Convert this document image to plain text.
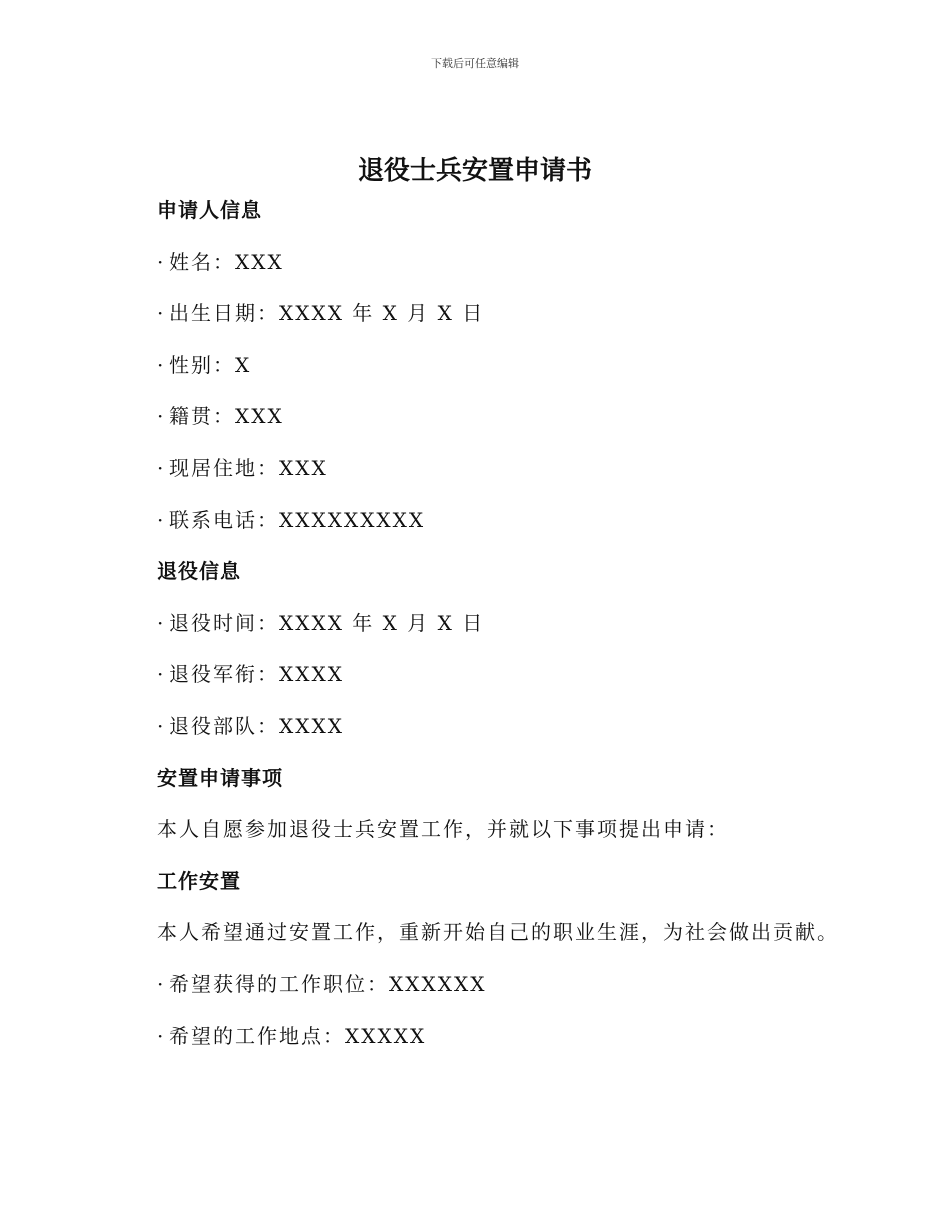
下载后可任意编辑
退役士兵安置申请书
申请人信息
· 姓名：XXX
· 出生日期：XXXX 年 X 月 X 日
· 性别：X
· 籍贯：XXX
· 现居住地：XXX
· 联系电话：XXXXXXXXX
退役信息
· 退役时间：XXXX 年 X 月 X 日
· 退役军衔：XXXX
· 退役部队：XXXX
安置申请事项
本人自愿参加退役士兵安置工作，并就以下事项提出申请：
工作安置
本人希望通过安置工作，重新开始自己的职业生涯，为社会做出贡献。
· 希望获得的工作职位：XXXXXX
· 希望的工作地点：XXXXX
